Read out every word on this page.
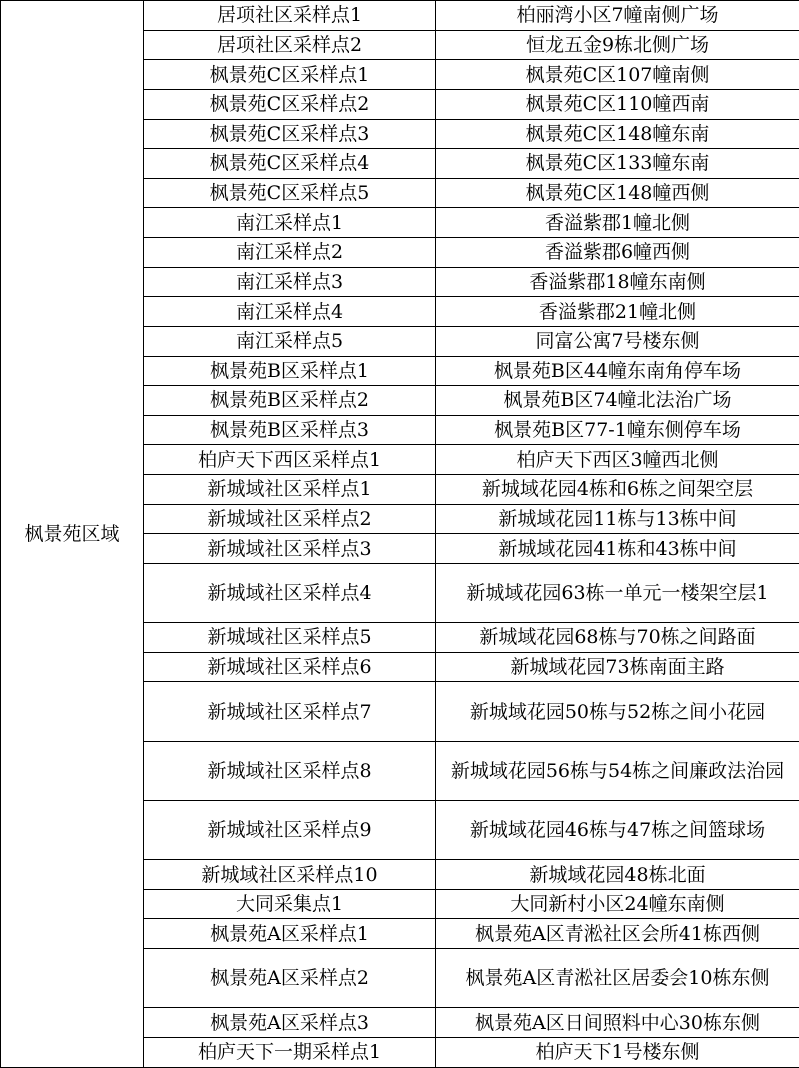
枫景苑区域	居项社区采样点1	柏丽湾小区7幢南侧广场
	居项社区采样点2	恒龙五金9栋北侧广场
	枫景苑C区采样点1	枫景苑C区107幢南侧
	枫景苑C区采样点2	枫景苑C区110幢西南
	枫景苑C区采样点3	枫景苑C区148幢东南
	枫景苑C区采样点4	枫景苑C区133幢东南
	枫景苑C区采样点5	枫景苑C区148幢西侧
	南江采样点1	香溢紫郡1幢北侧
	南江采样点2	香溢紫郡6幢西侧
	南江采样点3	香溢紫郡18幢东南侧
	南江采样点4	香溢紫郡21幢北侧
	南江采样点5	同富公寓7号楼东侧
	枫景苑B区采样点1	枫景苑B区44幢东南角停车场
	枫景苑B区采样点2	枫景苑B区74幢北法治广场
	枫景苑B区采样点3	枫景苑B区77-1幢东侧停车场
	柏庐天下西区采样点1	柏庐天下西区3幢西北侧
	新城域社区采样点1	新城域花园4栋和6栋之间架空层
	新城域社区采样点2	新城域花园11栋与13栋中间
	新城域社区采样点3	新城域花园41栋和43栋中间
	新城域社区采样点4	新城域花园63栋一单元一楼架空层1
	新城域社区采样点5	新城域花园68栋与70栋之间路面
	新城域社区采样点6	新城域花园73栋南面主路
	新城域社区采样点7	新城域花园50栋与52栋之间小花园
	新城域社区采样点8	新城域花园56栋与54栋之间廉政法治园
	新城域社区采样点9	新城域花园46栋与47栋之间篮球场
	新城域社区采样点10	新城域花园48栋北面
	大同采集点1	大同新村小区24幢东南侧
	枫景苑A区采样点1	枫景苑A区青淞社区会所41栋西侧
	枫景苑A区采样点2	枫景苑A区青淞社区居委会10栋东侧
	枫景苑A区采样点3	枫景苑A区日间照料中心30栋东侧
	柏庐天下一期采样点1	柏庐天下1号楼东侧
